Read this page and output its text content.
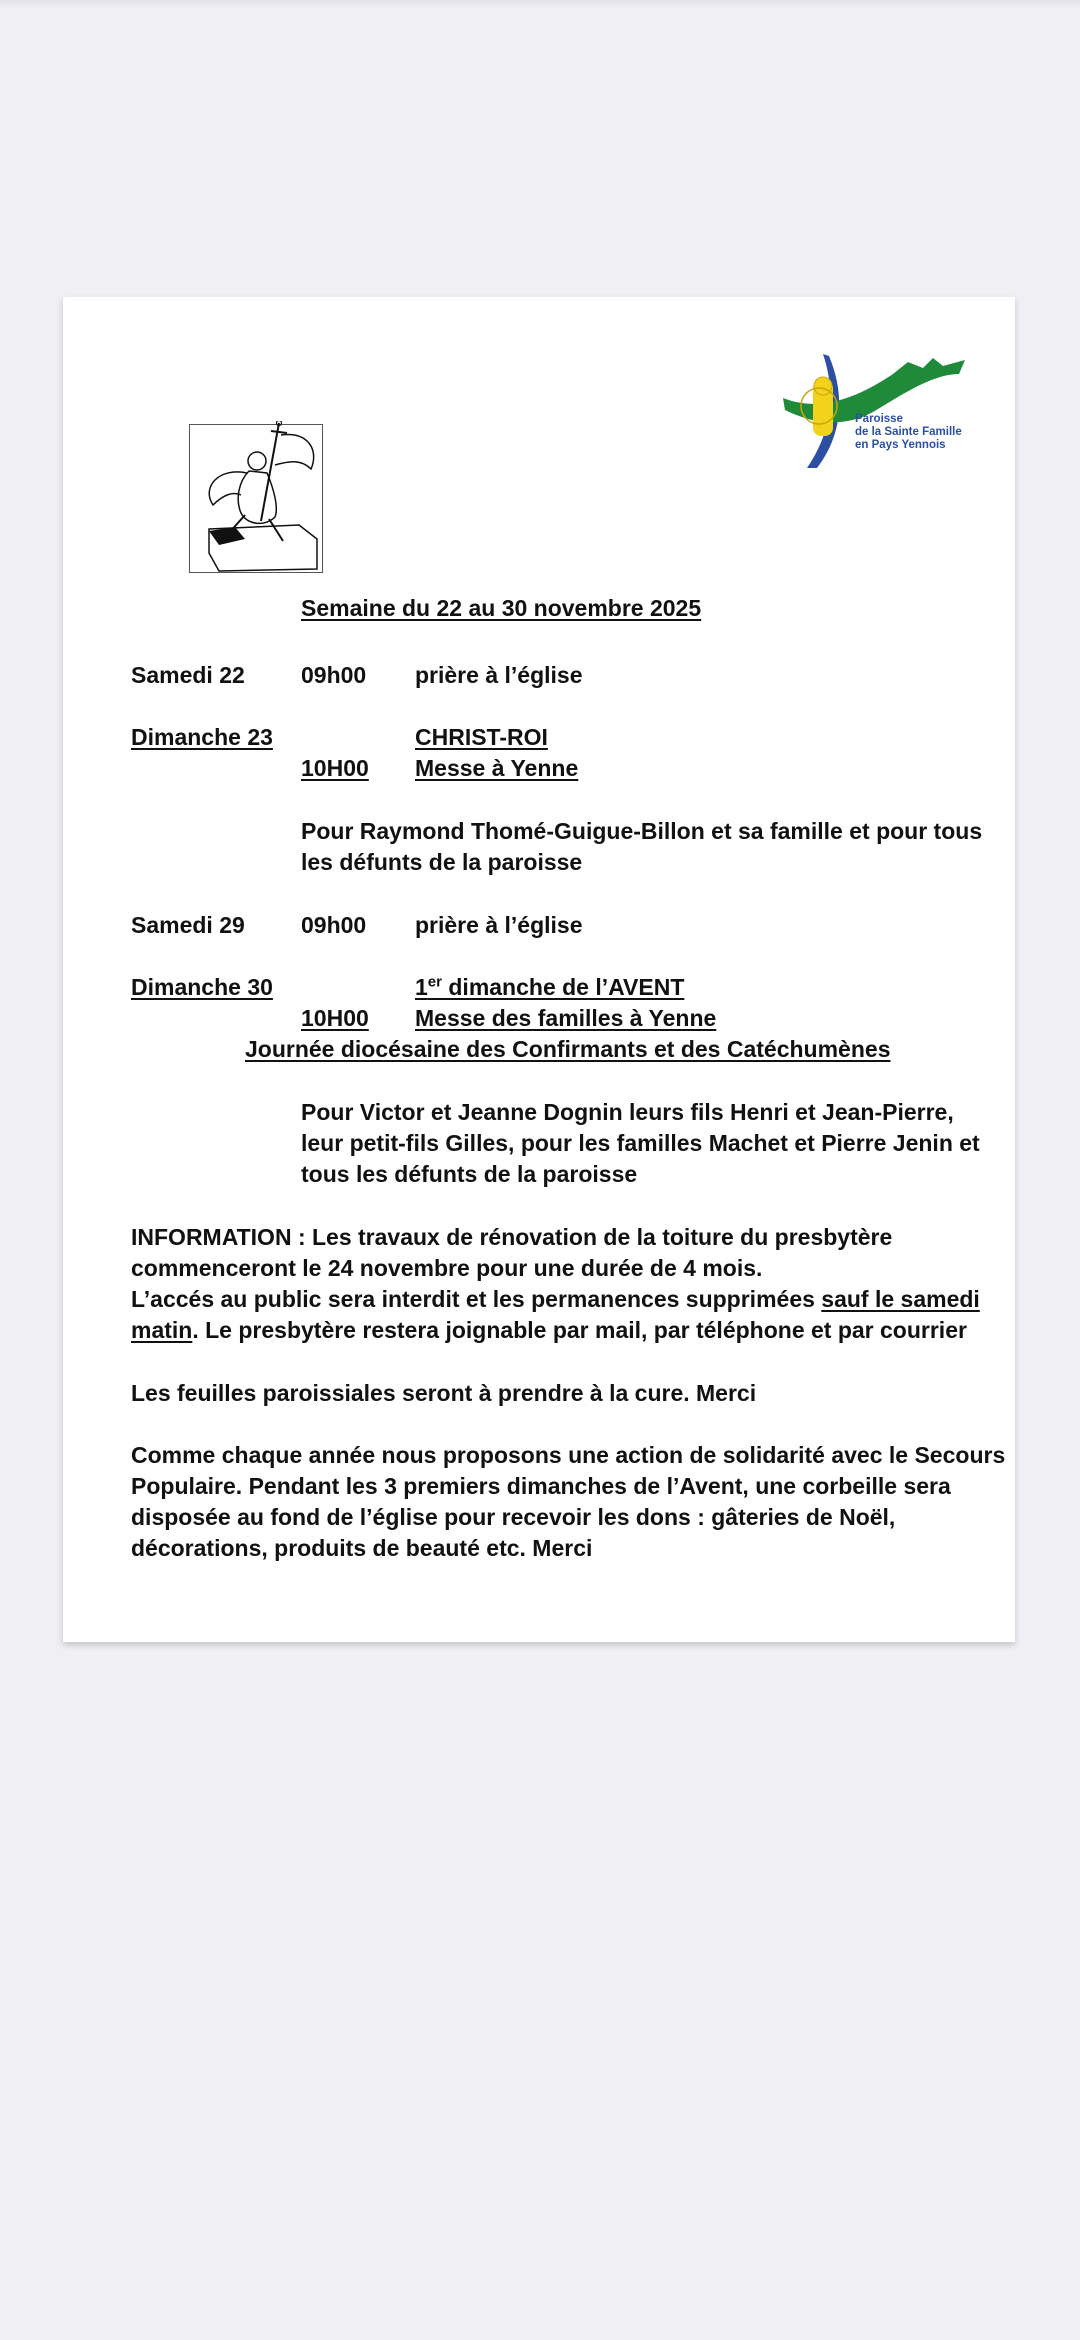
Paroisse
de la Sainte Famille
en Pays Yennois
Semaine du 22 au 30 novembre 2025
Samedi 22 09h00 prière à l’église
Dimanche 23	CHRIST-ROI
10H00 Messe à Yenne
Pour Raymond Thomé-Guigue-Billon et sa famille et pour tous
les défunts de la paroisse
Samedi 29 09h00 prière à l’église
Dimanche 30	1er dimanche de l’AVENT
10H00 Messe des familles à Yenne
Journée diocésaine des Confirmants et des Catéchumènes
Pour Victor et Jeanne Dognin leurs fils Henri et Jean-Pierre,
leur petit-fils Gilles, pour les familles Machet et Pierre Jenin et
tous les défunts de la paroisse
INFORMATION : Les travaux de rénovation de la toiture du presbytère
commenceront le 24 novembre pour une durée de 4 mois.
L’accés au public sera interdit et les permanences supprimées sauf le samedi
matin. Le presbytère restera joignable par mail, par téléphone et par courrier
Les feuilles paroissiales seront à prendre à la cure. Merci
Comme chaque année nous proposons une action de solidarité avec le Secours
Populaire. Pendant les 3 premiers dimanches de l’Avent, une corbeille sera
disposée au fond de l’église pour recevoir les dons : gâteries de Noël,
décorations, produits de beauté etc. Merci
